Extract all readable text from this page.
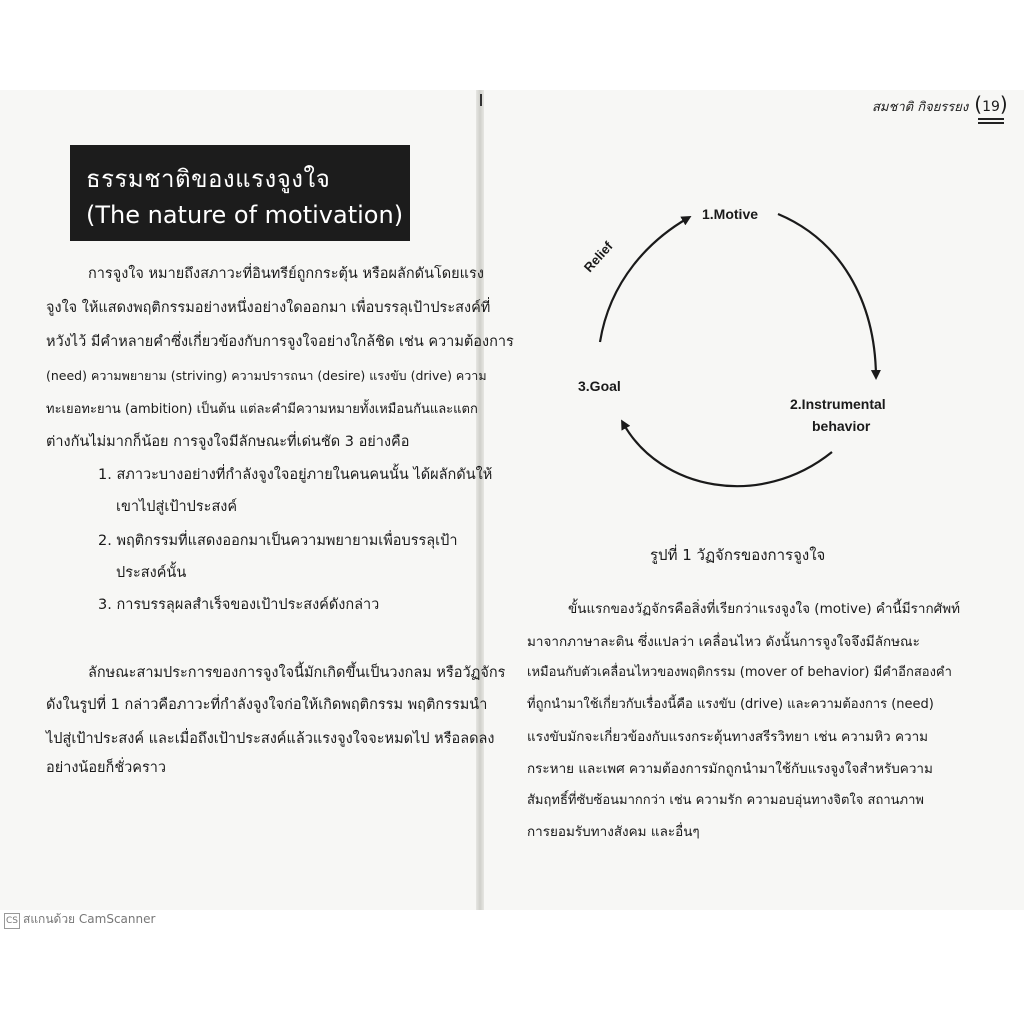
ธรรมชาติของแรงจูงใจ
(The nature of motivation)
การจูงใจ หมายถึงสภาวะที่อินทรีย์ถูกกระตุ้น หรือผลักดันโดยแรง
จูงใจ ให้แสดงพฤติกรรมอย่างหนึ่งอย่างใดออกมา เพื่อบรรลุเป้าประสงค์ที่
หวังไว้ มีคำหลายคำซึ่งเกี่ยวข้องกับการจูงใจอย่างใกล้ชิด เช่น ความต้องการ
(need) ความพยายาม (striving) ความปรารถนา (desire) แรงขับ (drive) ความ
ทะเยอทะยาน (ambition) เป็นต้น แต่ละคำมีความหมายทั้งเหมือนกันและแตก
ต่างกันไม่มากก็น้อย การจูงใจมีลักษณะที่เด่นชัด 3 อย่างคือ
1. สภาวะบางอย่างที่กำลังจูงใจอยู่ภายในคนคนนั้น ได้ผลักดันให้
เขาไปสู่เป้าประสงค์
2. พฤติกรรมที่แสดงออกมาเป็นความพยายามเพื่อบรรลุเป้า
ประสงค์นั้น
3. การบรรลุผลสำเร็จของเป้าประสงค์ดังกล่าว
ลักษณะสามประการของการจูงใจนี้มักเกิดขึ้นเป็นวงกลม หรือวัฏจักร
ดังในรูปที่ 1 กล่าวคือภาวะที่กำลังจูงใจก่อให้เกิดพฤติกรรม พฤติกรรมนำ
ไปสู่เป้าประสงค์ และเมื่อถึงเป้าประสงค์แล้วแรงจูงใจจะหมดไป หรือลดลง
อย่างน้อยก็ชั่วคราว
สมชาติ กิจยรรยง (19)
1.Motive
2.Instrumental
behavior
3.Goal
Relief
รูปที่ 1 วัฏจักรของการจูงใจ
ขั้นแรกของวัฏจักรคือสิ่งที่เรียกว่าแรงจูงใจ (motive) คำนี้มีรากศัพท์
มาจากภาษาละติน ซึ่งแปลว่า เคลื่อนไหว ดังนั้นการจูงใจจึงมีลักษณะ
เหมือนกับตัวเคลื่อนไหวของพฤติกรรม (mover of behavior) มีคำอีกสองคำ
ที่ถูกนำมาใช้เกี่ยวกับเรื่องนี้คือ แรงขับ (drive) และความต้องการ (need)
แรงขับมักจะเกี่ยวข้องกับแรงกระตุ้นทางสรีรวิทยา เช่น ความหิว ความ
กระหาย และเพศ ความต้องการมักถูกนำมาใช้กับแรงจูงใจสำหรับความ
สัมฤทธิ์ที่ซับซ้อนมากกว่า เช่น ความรัก ความอบอุ่นทางจิตใจ สถานภาพ
การยอมรับทางสังคม และอื่นๆ
CS สแกนด้วย CamScanner
